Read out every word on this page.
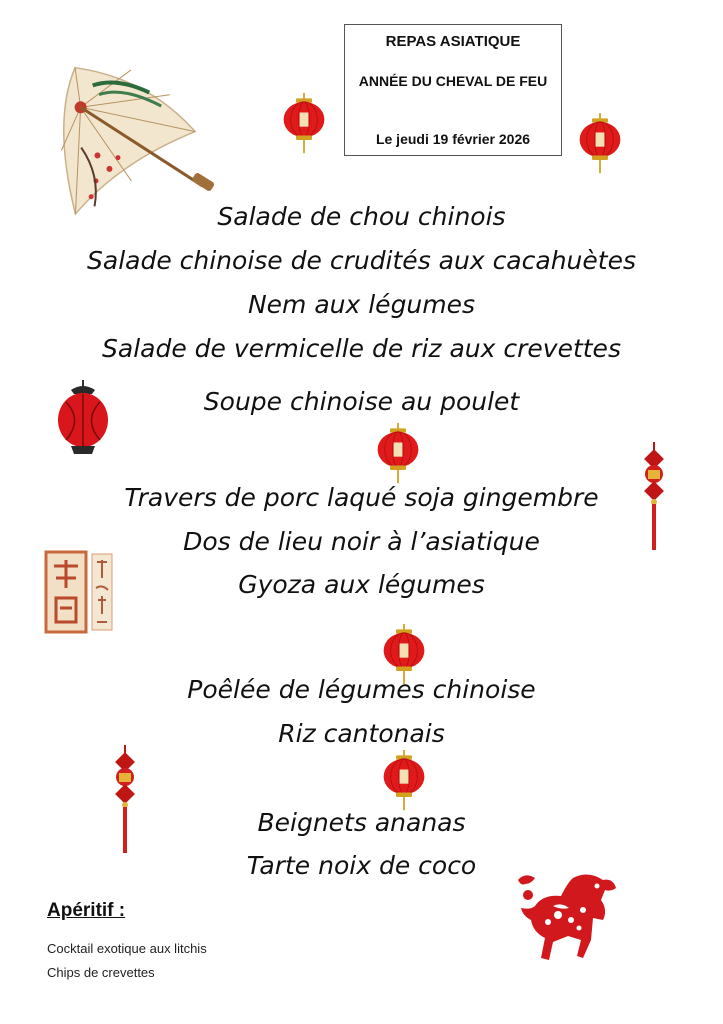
REPAS ASIATIQUE
ANNÉE DU CHEVAL DE FEU
Le jeudi 19 février 2026
Salade de chou chinois
Salade chinoise de crudités aux cacahuètes
Nem aux légumes
Salade de vermicelle de riz aux crevettes
Soupe chinoise au poulet
Travers de porc laqué soja gingembre
Dos de lieu noir à l’asiatique
Gyoza aux légumes
Poêlée de légumes chinoise
Riz cantonais
Beignets ananas
Tarte noix de coco
Apéritif :
Cocktail exotique aux litchis
Chips de crevettes
